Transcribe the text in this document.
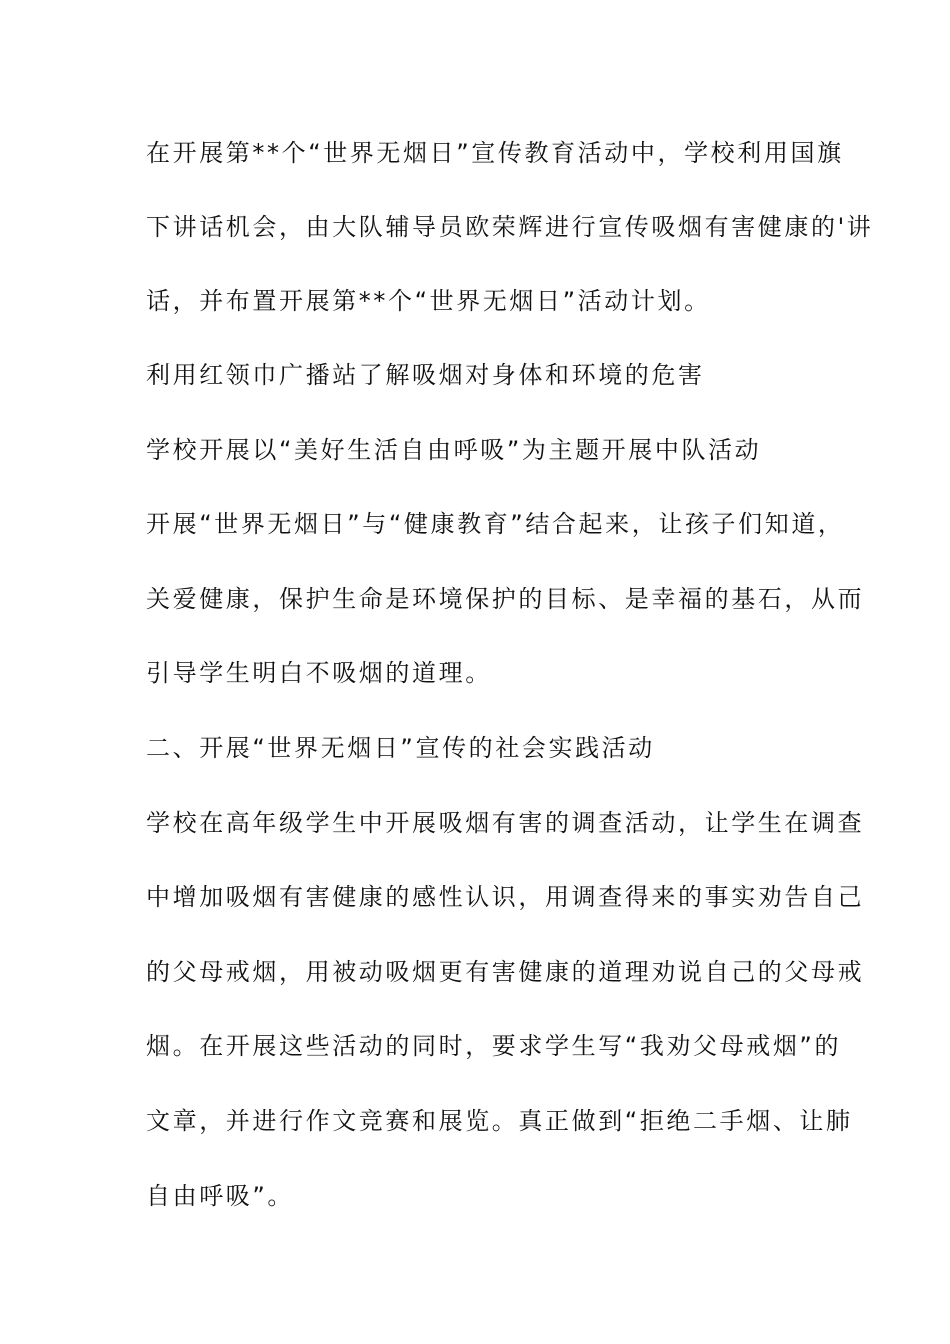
在开展第**个“世界无烟日”宣传教育活动中，学校利用国旗
下讲话机会，由大队辅导员欧荣辉进行宣传吸烟有害健康的'讲
话，并布置开展第**个“世界无烟日”活动计划。
利用红领巾广播站了解吸烟对身体和环境的危害
学校开展以“美好生活自由呼吸”为主题开展中队活动
开展“世界无烟日”与“健康教育”结合起来，让孩子们知道，
关爱健康，保护生命是环境保护的目标、是幸福的基石，从而
引导学生明白不吸烟的道理。
二、开展“世界无烟日”宣传的社会实践活动
学校在高年级学生中开展吸烟有害的调查活动，让学生在调查
中增加吸烟有害健康的感性认识，用调查得来的事实劝告自己
的父母戒烟，用被动吸烟更有害健康的道理劝说自己的父母戒
烟。在开展这些活动的同时，要求学生写“我劝父母戒烟”的
文章，并进行作文竞赛和展览。真正做到“拒绝二手烟、让肺
自由呼吸”。
